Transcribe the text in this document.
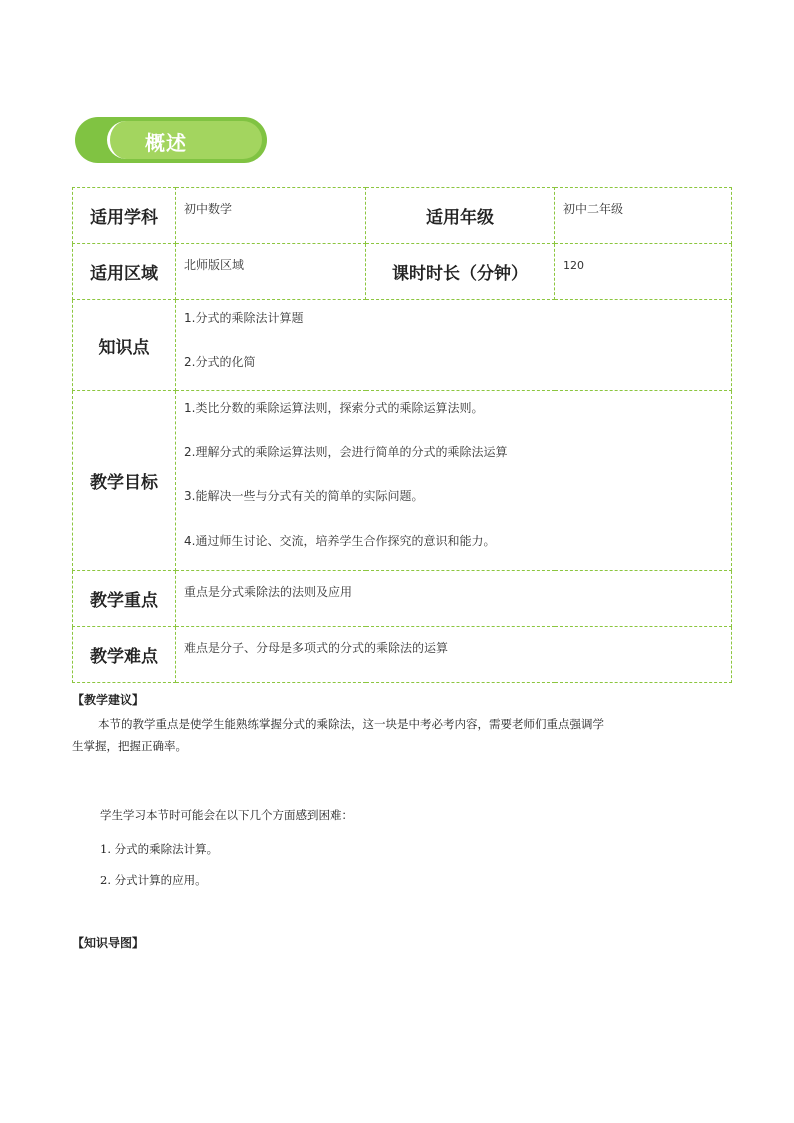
概述
适用学科	初中数学	适用年级	初中二年级
适用区域	北师版区域	课时时长（分钟）	120
知识点	1.分式的乘除法计算题
2.分式的化简		

教学目标	1.类比分数的乘除运算法则，探索分式的乘除运算法则。
2.理解分式的乘除运算法则，会进行简单的分式的乘除法运算
3.能解决一些与分式有关的简单的实际问题。
4.通过师生讨论、交流，培养学生合作探究的意识和能力。		

教学重点	重点是分式乘除法的法则及应用		
教学难点	难点是分子、分母是多项式的分式的乘除法的运算		
【教学建议】
本节的教学重点是使学生能熟练掌握分式的乘除法，这一块是中考必考内容，需要老师们重点强调学
生掌握，把握正确率。
学生学习本节时可能会在以下几个方面感到困难：
1. 分式的乘除法计算。
2. 分式计算的应用。
【知识导图】
